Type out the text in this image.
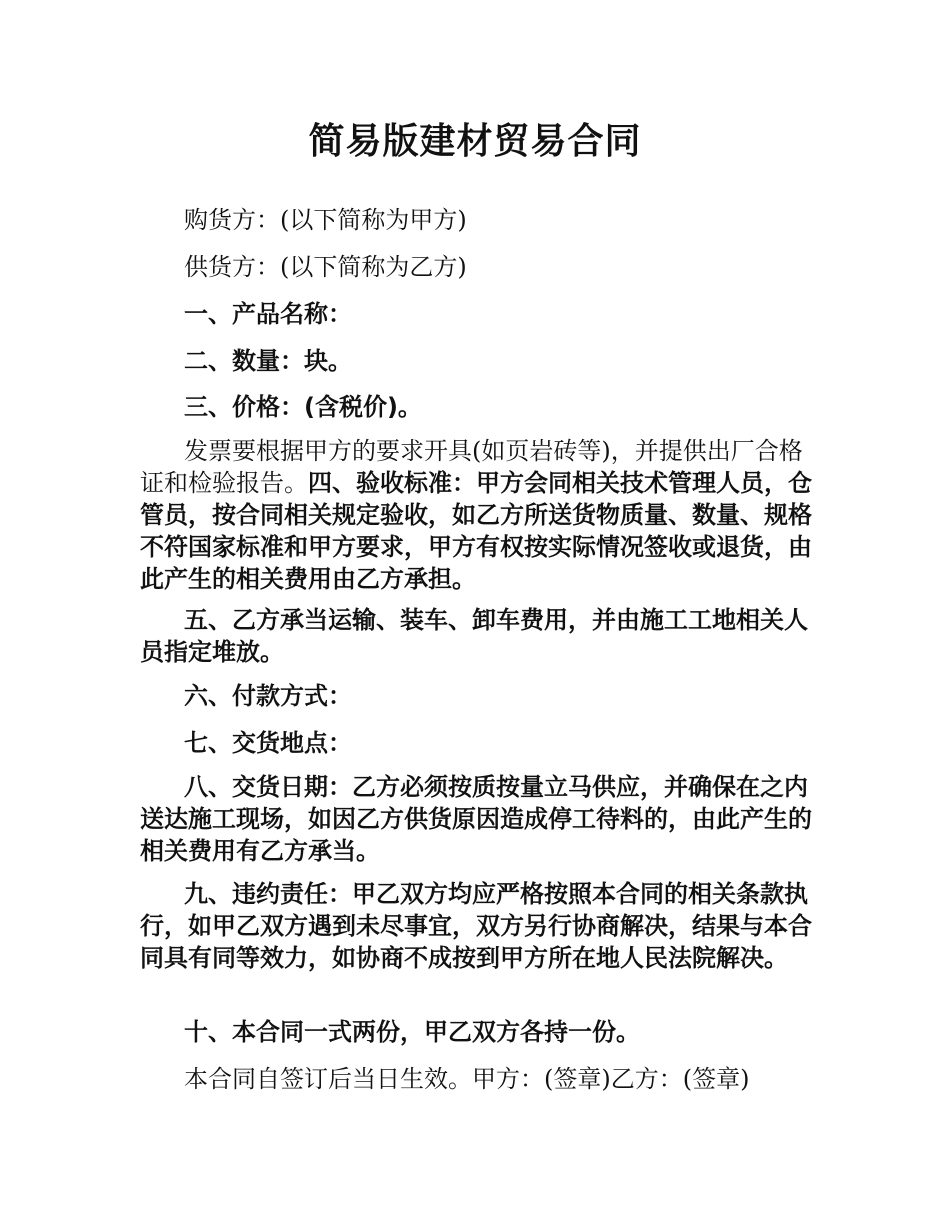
简易版建材贸易合同
购货方：(以下简称为甲方)
供货方：(以下简称为乙方)
一、产品名称：
二、数量：块。
三、价格：(含税价)。
发票要根据甲方的要求开具(如页岩砖等)，并提供出厂合格证和检验报告。四、验收标准：甲方会同相关技术管理人员，仓管员，按合同相关规定验收，如乙方所送货物质量、数量、规格不符国家标准和甲方要求，甲方有权按实际情况签收或退货，由此产生的相关费用由乙方承担。
五、乙方承当运输、装车、卸车费用，并由施工工地相关人员指定堆放。
六、付款方式：
七、交货地点：
八、交货日期：乙方必须按质按量立马供应，并确保在之内送达施工现场，如因乙方供货原因造成停工待料的，由此产生的相关费用有乙方承当。
九、违约责任：甲乙双方均应严格按照本合同的相关条款执行，如甲乙双方遇到未尽事宜，双方另行协商解决，结果与本合同具有同等效力，如协商不成按到甲方所在地人民法院解决。
十、本合同一式两份，甲乙双方各持一份。
本合同自签订后当日生效。甲方：(签章)乙方：(签章)
